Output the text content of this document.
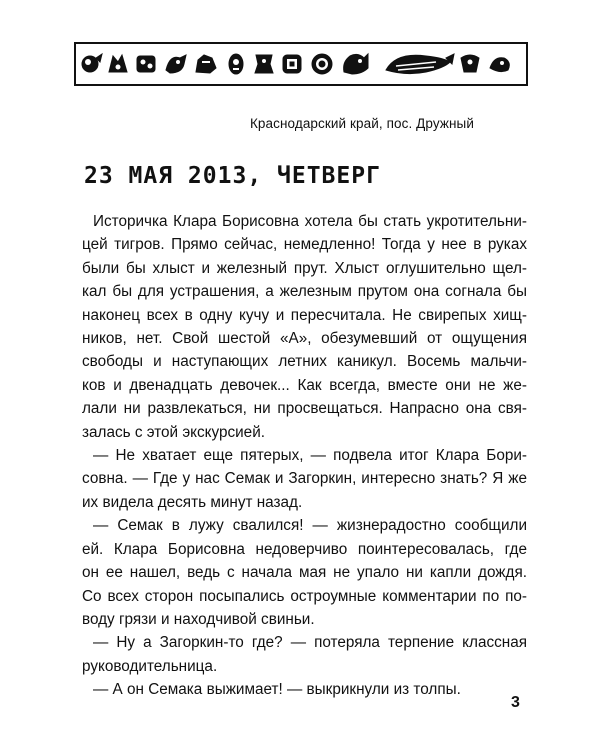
Краснодарский край, пос. Дружный
23 МАЯ 2013, ЧЕТВЕРГ
Историчка Клара Борисовна хотела бы стать укротительни-
цей тигров. Прямо сейчас, немедленно! Тогда у нее в руках
были бы хлыст и железный прут. Хлыст оглушительно щел-
кал бы для устрашения, а железным прутом она согнала бы
наконец всех в одну кучу и пересчитала. Не свирепых хищ-
ников, нет. Свой шестой «А», обезумевший от ощущения
свободы и наступающих летних каникул. Восемь мальчи-
ков и двенадцать девочек... Как всегда, вместе они не же-
лали ни развлекаться, ни просвещаться. Напрасно она свя-
залась с этой экскурсией.
— Не хватает еще пятерых, — подвела итог Клара Бори-
совна. — Где у нас Семак и Загоркин, интересно знать? Я же
их видела десять минут назад.
— Семак в лужу свалился! — жизнерадостно сообщили
ей. Клара Борисовна недоверчиво поинтересовалась, где
он ее нашел, ведь с начала мая не упало ни капли дождя.
Со всех сторон посыпались остроумные комментарии по по-
воду грязи и находчивой свиньи.
— Ну а Загоркин-то где? — потеряла терпение классная
руководительница.
— А он Семака выжимает! — выкрикнули из толпы.
3
